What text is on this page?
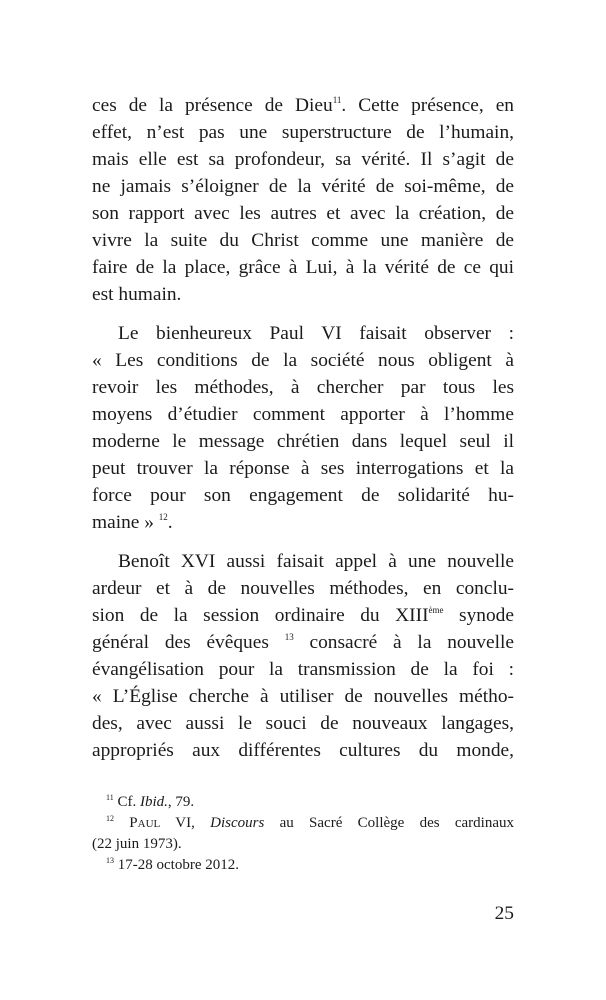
ces de la présence de Dieu$^{11}$. Cette présence, en
effet, n’est pas une superstructure de l’humain,
mais elle est sa profondeur, sa vérité. Il s’agit de
ne jamais s’éloigner de la vérité de soi-même, de
son rapport avec les autres et avec la création, de
vivre la suite du Christ comme une manière de
faire de la place, grâce à Lui, à la vérité de ce qui
est humain.

Le bienheureux Paul VI faisait observer :
« Les conditions de la société nous obligent à
revoir les méthodes, à chercher par tous les
moyens d’étudier comment apporter à l’homme
moderne le message chrétien dans lequel seul il
peut trouver la réponse à ses interrogations et la
force pour son engagement de solidarité hu-
maine » $^{12}$.

Benoît XVI aussi faisait appel à une nouvelle
ardeur et à de nouvelles méthodes, en conclu-
sion de la session ordinaire du XIIIème synode
général des évêques $^{13}$ consacré à la nouvelle
évangélisation pour la transmission de la foi :
« L’Église cherche à utiliser de nouvelles métho-
des, avec aussi le souci de nouveaux langages,
appropriés aux différentes cultures du monde,

$^{11}$ Cf. Ibid., 79.
$^{12}$ Paul VI, Discours au Sacré Collège des cardinaux
(22 juin 1973).
$^{13}$ 17-28 octobre 2012.
25
